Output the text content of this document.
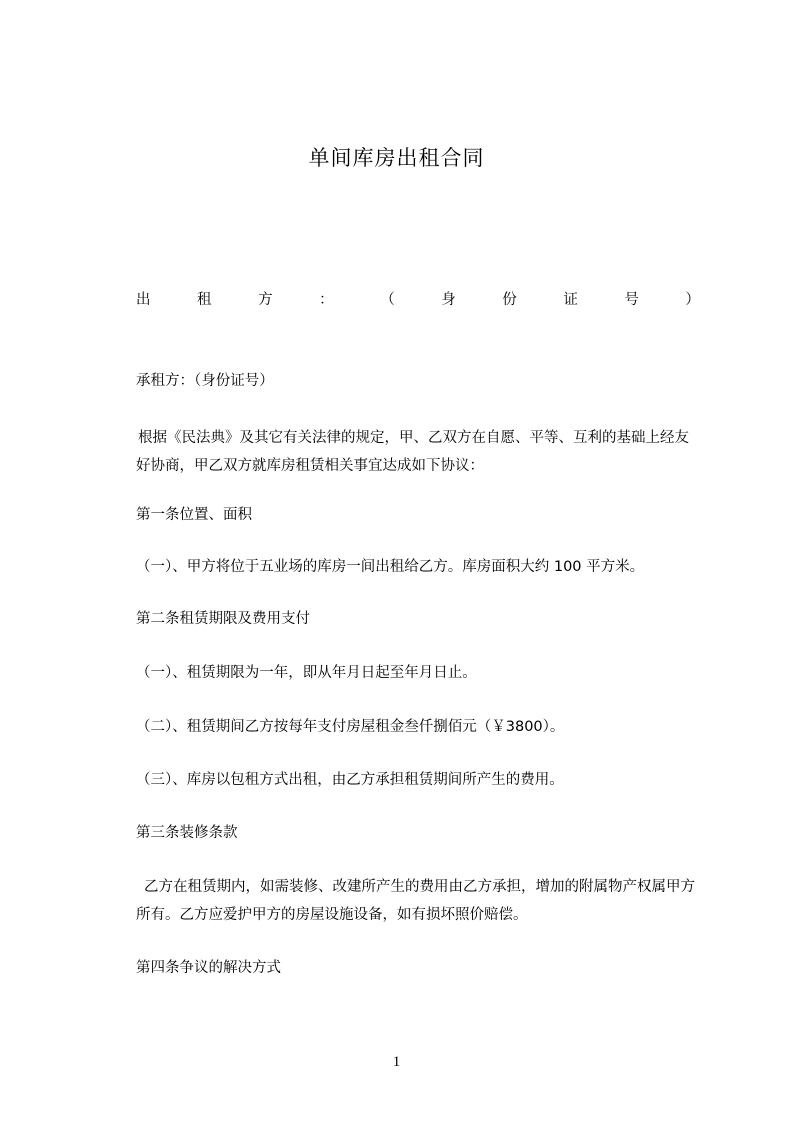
单间库房出租合同
出	租	方	：	（	身	份	证	号	）
承租方：（身份证号）
根据《民法典》及其它有关法律的规定，甲、乙双方在自愿、平等、互利的基础上经友好协商，甲乙双方就库房租赁相关事宜达成如下协议：
第一条位置、面积
（一）、甲方将位于五业场的库房一间出租给乙方。库房面积大约 100 平方米。
第二条租赁期限及费用支付
（一）、租赁期限为一年，即从年月日起至年月日止。
（二）、租赁期间乙方按每年支付房屋租金叁仟捌佰元（￥3800）。
（三）、库房以包租方式出租，由乙方承担租赁期间所产生的费用。
第三条装修条款
乙方在租赁期内，如需装修、改建所产生的费用由乙方承担，增加的附属物产权属甲方所有。乙方应爱护甲方的房屋设施设备，如有损坏照价赔偿。
第四条争议的解决方式
1
